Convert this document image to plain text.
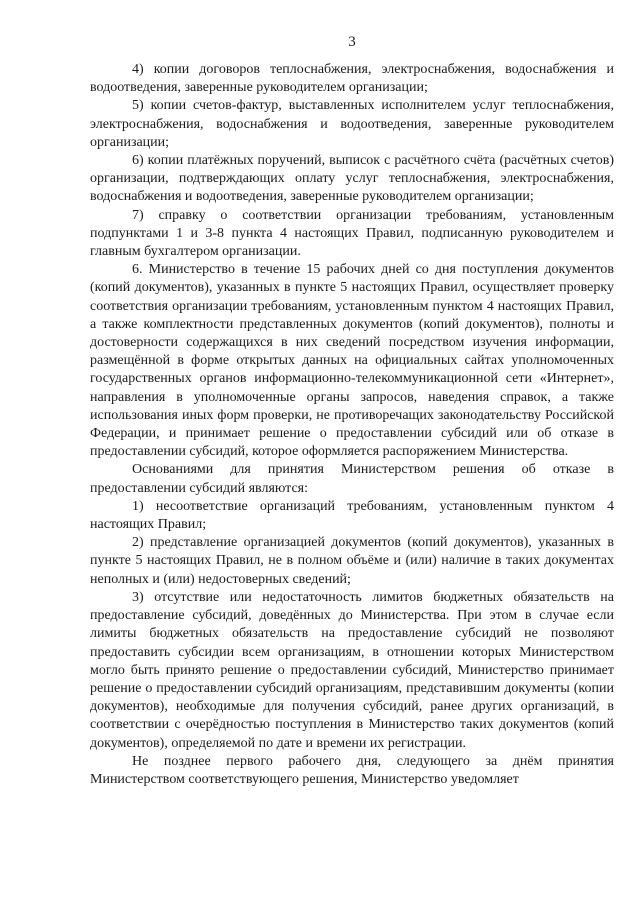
3

4) копии договоров теплоснабжения, электроснабжения, водоснабжения и водоотведения, заверенные руководителем организации;

5) копии счетов-фактур, выставленных исполнителем услуг теплоснабжения, электроснабжения, водоснабжения и водоотведения, заверенные руководителем организации;

6) копии платёжных поручений, выписок с расчётного счёта (расчётных счетов) организации, подтверждающих оплату услуг теплоснабжения, электроснабжения, водоснабжения и водоотведения, заверенные руководителем организации;

7) справку о соответствии организации требованиям, установленным подпунктами 1 и 3-8 пункта 4 настоящих Правил, подписанную руководителем и главным бухгалтером организации.

6. Министерство в течение 15 рабочих дней со дня поступления документов (копий документов), указанных в пункте 5 настоящих Правил, осуществляет проверку соответствия организации требованиям, установленным пунктом 4 настоящих Правил, а также комплектности представленных документов (копий документов), полноты и достоверности содержащихся в них сведений посредством изучения информации, размещённой в форме открытых данных на официальных сайтах уполномоченных государственных органов информационно-телекоммуникационной сети «Интернет», направления в уполномоченные органы запросов, наведения справок, а также использования иных форм проверки, не противоречащих законодательству Российской Федерации, и принимает решение о предоставлении субсидий или об отказе в предоставлении субсидий, которое оформляется распоряжением Министерства.

Основаниями для принятия Министерством решения об отказе в предоставлении субсидий являются:

1) несоответствие организаций требованиям, установленным пунктом 4 настоящих Правил;

2) представление организацией документов (копий документов), указанных в пункте 5 настоящих Правил, не в полном объёме и (или) наличие в таких документах неполных и (или) недостоверных сведений;

3) отсутствие или недостаточность лимитов бюджетных обязательств на предоставление субсидий, доведённых до Министерства. При этом в случае если лимиты бюджетных обязательств на предоставление субсидий не позволяют предоставить субсидии всем организациям, в отношении которых Министерством могло быть принято решение о предоставлении субсидий, Министерство принимает решение о предоставлении субсидий организациям, представившим документы (копии документов), необходимые для получения субсидий, ранее других организаций, в соответствии с очерёдностью поступления в Министерство таких документов (копий документов), определяемой по дате и времени их регистрации.

Не позднее первого рабочего дня, следующего за днём принятия Министерством соответствующего решения, Министерство уведомляет
